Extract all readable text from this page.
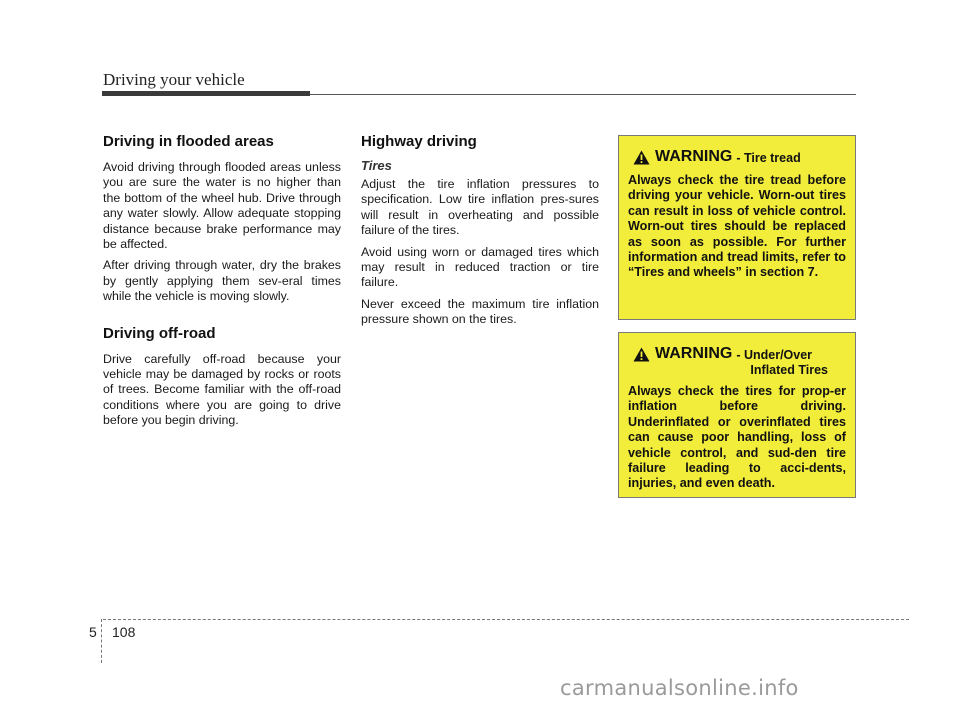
Driving your vehicle
Driving in flooded areas

Avoid driving through flooded areas unless you are sure the water is no higher than the bottom of the wheel hub. Drive through any water slowly. Allow adequate stopping distance because brake performance may be affected.

After driving through water, dry the brakes by gently applying them sev-eral times while the vehicle is moving slowly.

Driving off-road

Drive carefully off-road because your vehicle may be damaged by rocks or roots of trees. Become familiar with the off-road conditions where you are going to drive before you begin driving.

Highway driving
Tires

Adjust the tire inflation pressures to specification. Low tire inflation pres-sures will result in overheating and possible failure of the tires.

Avoid using worn or damaged tires which may result in reduced traction or tire failure.

Never exceed the maximum tire inflation pressure shown on the tires.

WARNING - Tire tread
Always check the tire tread before driving your vehicle. Worn-out tires can result in loss of vehicle control. Worn-out tires should be replaced as soon as possible. For further information and tread limits, refer to “Tires and wheels” in section 7.
WARNING - Under/Over
Inflated Tires
Always check the tires for prop-er inflation before driving. Underinflated or overinflated tires can cause poor handling, loss of vehicle control, and sud-den tire failure leading to acci-dents, injuries, and even death.
5 108
carmanualsonline.info
